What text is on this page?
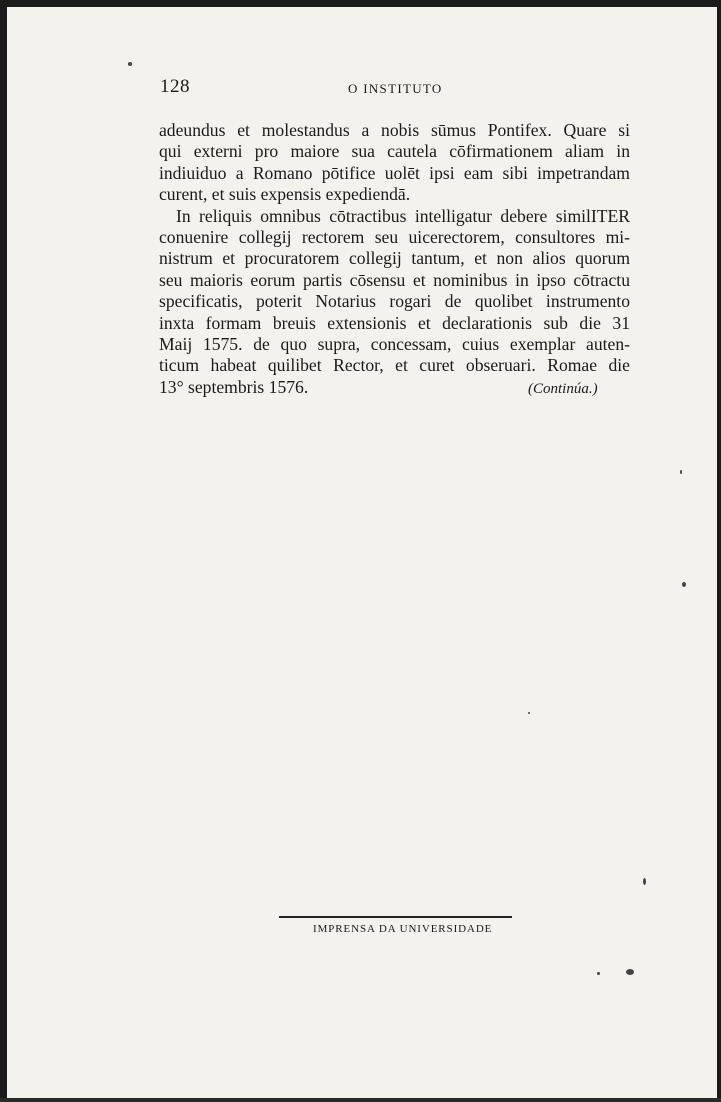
128	O INSTITUTO
adeundus et molestandus a nobis sūmus Pontifex. Quare si
qui externi pro maiore sua cautela cōfirmationem aliam in
indiuiduo a Romano pōtifice uolēt ipsi eam sibi impetrandam
curent, et suis expensis expediendā.
In reliquis omnibus cōtractibus intelligatur debere similITER
conuenire collegij rectorem seu uicerectorem, consultores mi-
nistrum et procuratorem collegij tantum, et non alios quorum
seu maioris eorum partis cōsensu et nominibus in ipso cōtractu
specificatis, poterit Notarius rogari de quolibet instrumento
inxta formam breuis extensionis et declarationis sub die 31
Maij 1575. de quo supra, concessam, cuius exemplar auten-
ticum habeat quilibet Rector, et curet obseruari. Romae die
13° septembris 1576.	(Continúa.)
IMPRENSA DA UNIVERSIDADE
